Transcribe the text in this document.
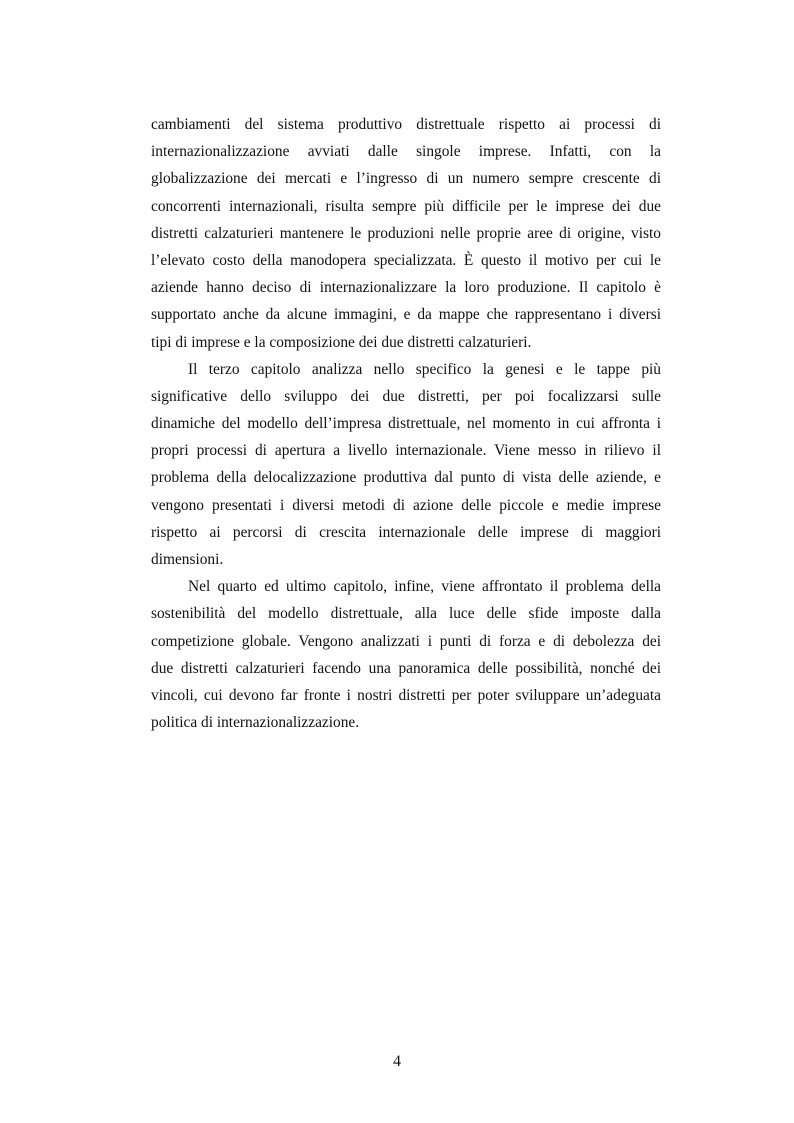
cambiamenti del sistema produttivo distrettuale rispetto ai processi di
internazionalizzazione avviati dalle singole imprese. Infatti, con la
globalizzazione dei mercati e l’ingresso di un numero sempre crescente di
concorrenti internazionali, risulta sempre più difficile per le imprese dei due
distretti calzaturieri mantenere le produzioni nelle proprie aree di origine, visto
l’elevato costo della manodopera specializzata. È questo il motivo per cui le
aziende hanno deciso di internazionalizzare la loro produzione. Il capitolo è
supportato anche da alcune immagini, e da mappe che rappresentano i diversi
tipi di imprese e la composizione dei due distretti calzaturieri.
Il terzo capitolo analizza nello specifico la genesi e le tappe più
significative dello sviluppo dei due distretti, per poi focalizzarsi sulle
dinamiche del modello dell’impresa distrettuale, nel momento in cui affronta i
propri processi di apertura a livello internazionale. Viene messo in rilievo il
problema della delocalizzazione produttiva dal punto di vista delle aziende, e
vengono presentati i diversi metodi di azione delle piccole e medie imprese
rispetto ai percorsi di crescita internazionale delle imprese di maggiori
dimensioni.
Nel quarto ed ultimo capitolo, infine, viene affrontato il problema della
sostenibilità del modello distrettuale, alla luce delle sfide imposte dalla
competizione globale. Vengono analizzati i punti di forza e di debolezza dei
due distretti calzaturieri facendo una panoramica delle possibilità, nonché dei
vincoli, cui devono far fronte i nostri distretti per poter sviluppare un’adeguata
politica di internazionalizzazione.
4
